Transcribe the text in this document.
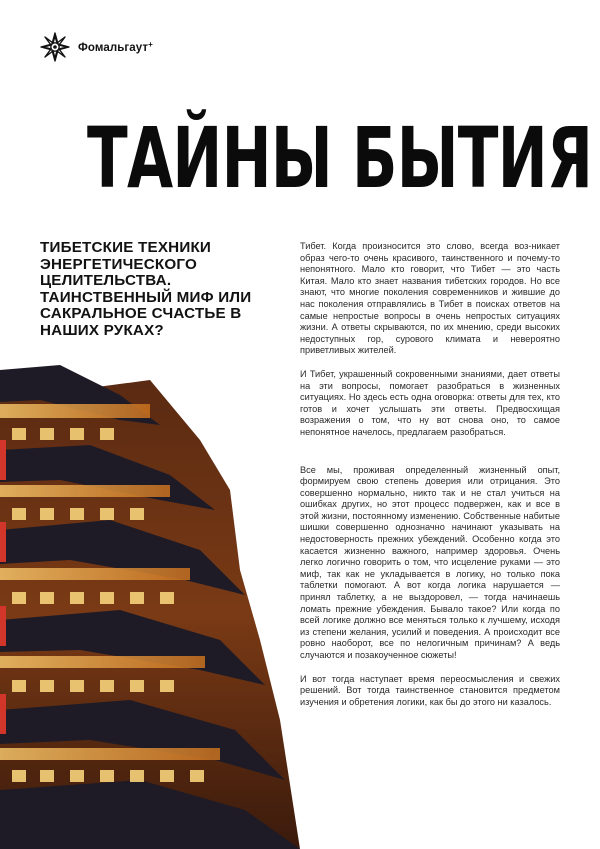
Фомальгаут+
ТАЙНЫ БЫТИЯ

ТИБЕТСКИЕ ТЕХНИКИ ЭНЕРГЕТИЧЕСКОГО ЦЕЛИТЕЛЬСТВА. ТАИНСТВЕННЫЙ МИФ ИЛИ САКРАЛЬНОЕ СЧАСТЬЕ В НАШИХ РУКАХ?

Тибет. Когда произносится это слово, всегда воз-никает образ чего-то очень красивого, таинственного и почему-то непонятного. Мало кто говорит, что Тибет — это часть Китая. Мало кто знает названия тибетских городов. Но все знают, что многие поколения современников и жившие до нас поколения отправлялись в Тибет в поисках ответов на самые непростые вопросы в очень непростых ситуациях жизни. А ответы скрываются, по их мнению, среди высоких недоступных гор, сурового климата и невероятно приветливых жителей.

И Тибет, украшенный сокровенными знаниями, дает ответы на эти вопросы, помогает разобраться в жизненных ситуациях. Но здесь есть одна оговорка: ответы для тех, кто готов и хочет услышать эти ответы. Предвосхищая возражения о том, что ну вот снова оно, то самое непонятное начелось, предлагаем разобраться.

Все мы, проживая определенный жизненный опыт, формируем свою степень доверия или отрицания. Это совершенно нормально, никто так и не стал учиться на ошибках других, но этот процесс подвержен, как и все в этой жизни, постоянному изменению. Собственные набитые шишки совершенно однозначно начинают указывать на недостоверность прежних убеждений. Особенно когда это касается жизненно важного, например здоровья. Очень легко логично говорить о том, что исцеление руками — это миф, так как не укладывается в логику, но только пока таблетки помогают. А вот когда логика нарушается — принял таблетку, а не выздоровел, — тогда начинаешь ломать прежние убеждения. Бывало такое? Или когда по всей логике должно все меняться только к лучшему, исходя из степени желания, усилий и поведения. А происходит все ровно наоборот, все по нелогичным причинам? А ведь случаются и позакоученное сюжеты!

И вот тогда наступает время переосмысления и свежих решений. Вот тогда таинственное становится предметом изучения и обретения логики, как бы до этого ни казалось.
